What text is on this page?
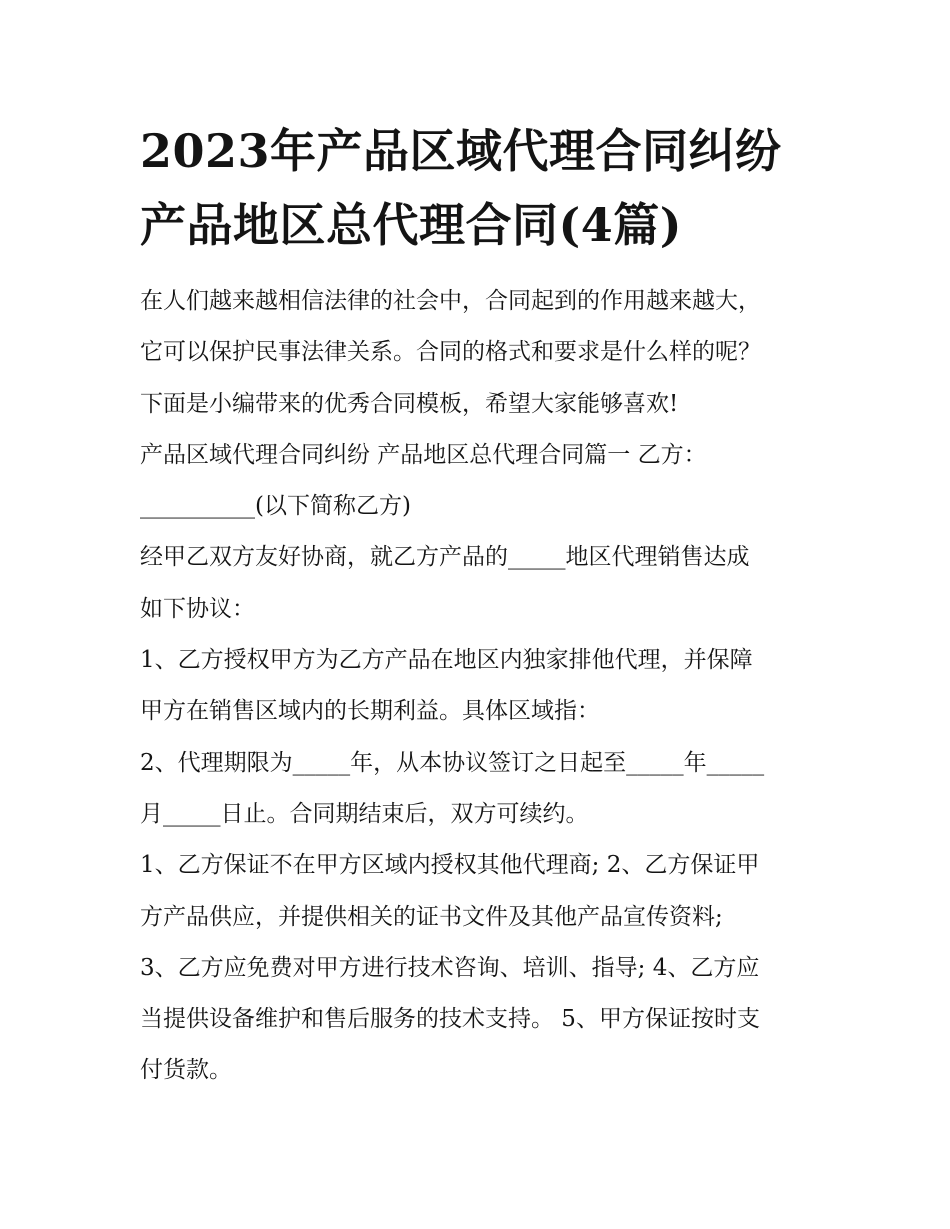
2023年产品区域代理合同纠纷
产品地区总代理合同(4篇)
在人们越来越相信法律的社会中，合同起到的作用越来越大，
它可以保护民事法律关系。合同的格式和要求是什么样的呢？
下面是小编带来的优秀合同模板，希望大家能够喜欢!
产品区域代理合同纠纷 产品地区总代理合同篇一 乙方：
__________(以下简称乙方)
经甲乙双方友好协商，就乙方产品的_____地区代理销售达成
如下协议：
1、乙方授权甲方为乙方产品在地区内独家排他代理，并保障
甲方在销售区域内的长期利益。具体区域指：
2、代理期限为_____年，从本协议签订之日起至_____年_____
月_____日止。合同期结束后，双方可续约。
1、乙方保证不在甲方区域内授权其他代理商; 2、乙方保证甲
方产品供应，并提供相关的证书文件及其他产品宣传资料;
3、乙方应免费对甲方进行技术咨询、培训、指导; 4、乙方应
当提供设备维护和售后服务的技术支持。 5、甲方保证按时支
付货款。
